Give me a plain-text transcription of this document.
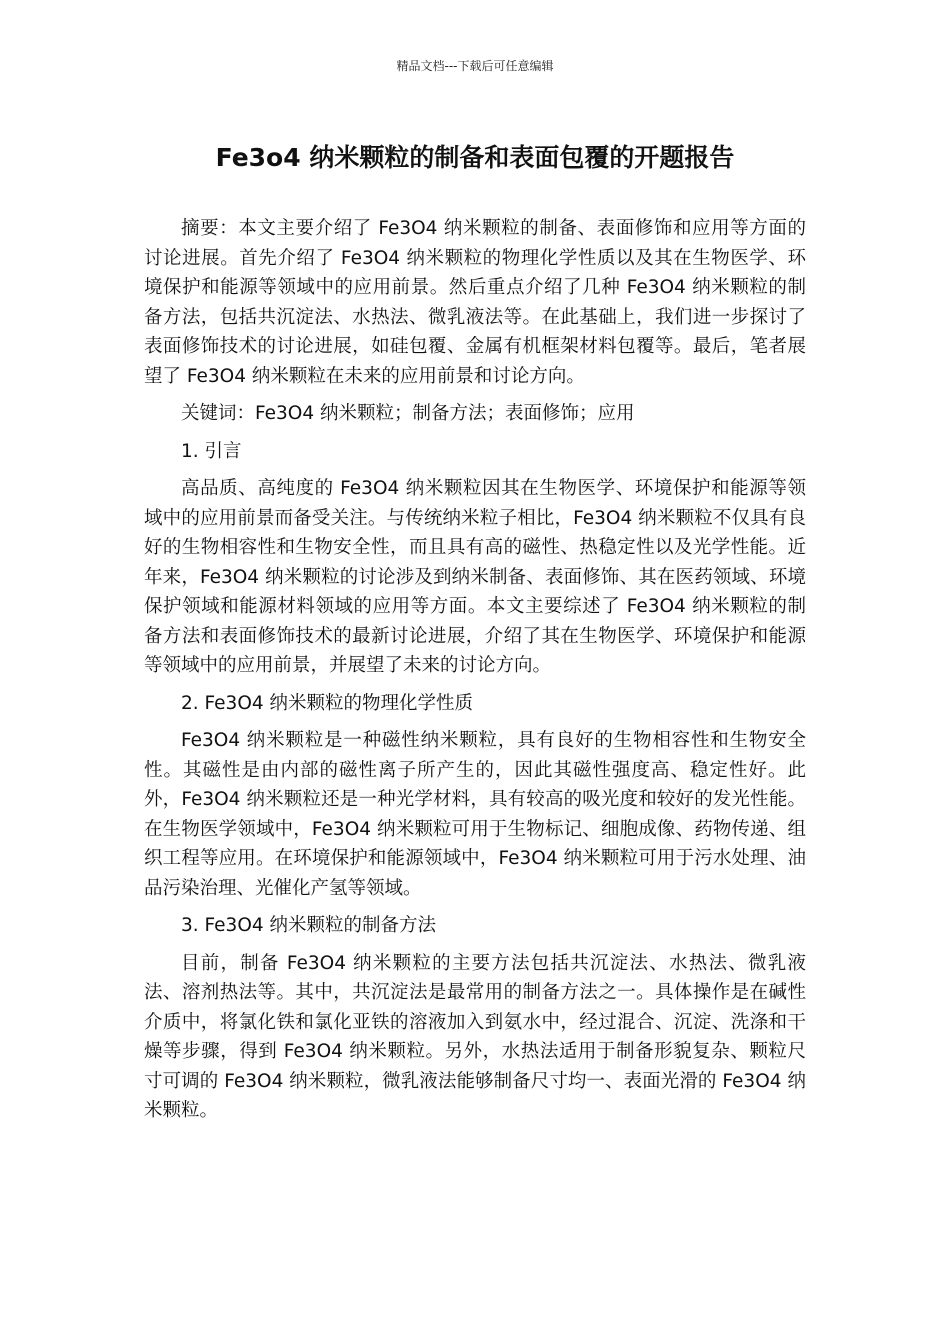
精品文档---下载后可任意编辑
Fe3o4 纳米颗粒的制备和表面包覆的开题报告

摘要：本文主要介绍了 Fe3O4 纳米颗粒的制备、表面修饰和应用等方面的讨论进展。首先介绍了 Fe3O4 纳米颗粒的物理化学性质以及其在生物医学、环境保护和能源等领域中的应用前景。然后重点介绍了几种 Fe3O4 纳米颗粒的制备方法，包括共沉淀法、水热法、微乳液法等。在此基础上，我们进一步探讨了表面修饰技术的讨论进展，如硅包覆、金属有机框架材料包覆等。最后，笔者展望了 Fe3O4 纳米颗粒在未来的应用前景和讨论方向。

关键词：Fe3O4 纳米颗粒；制备方法；表面修饰；应用

1. 引言

高品质、高纯度的 Fe3O4 纳米颗粒因其在生物医学、环境保护和能源等领域中的应用前景而备受关注。与传统纳米粒子相比，Fe3O4 纳米颗粒不仅具有良好的生物相容性和生物安全性，而且具有高的磁性、热稳定性以及光学性能。近年来，Fe3O4 纳米颗粒的讨论涉及到纳米制备、表面修饰、其在医药领域、环境保护领域和能源材料领域的应用等方面。本文主要综述了 Fe3O4 纳米颗粒的制备方法和表面修饰技术的最新讨论进展，介绍了其在生物医学、环境保护和能源等领域中的应用前景，并展望了未来的讨论方向。

2. Fe3O4 纳米颗粒的物理化学性质

Fe3O4 纳米颗粒是一种磁性纳米颗粒，具有良好的生物相容性和生物安全性。其磁性是由内部的磁性离子所产生的，因此其磁性强度高、稳定性好。此外，Fe3O4 纳米颗粒还是一种光学材料，具有较高的吸光度和较好的发光性能。在生物医学领域中，Fe3O4 纳米颗粒可用于生物标记、细胞成像、药物传递、组织工程等应用。在环境保护和能源领域中，Fe3O4 纳米颗粒可用于污水处理、油品污染治理、光催化产氢等领域。

3. Fe3O4 纳米颗粒的制备方法

目前，制备 Fe3O4 纳米颗粒的主要方法包括共沉淀法、水热法、微乳液法、溶剂热法等。其中，共沉淀法是最常用的制备方法之一。具体操作是在碱性介质中，将氯化铁和氯化亚铁的溶液加入到氨水中，经过混合、沉淀、洗涤和干燥等步骤，得到 Fe3O4 纳米颗粒。另外，水热法适用于制备形貌复杂、颗粒尺寸可调的 Fe3O4 纳米颗粒，微乳液法能够制备尺寸均一、表面光滑的 Fe3O4 纳米颗粒。
